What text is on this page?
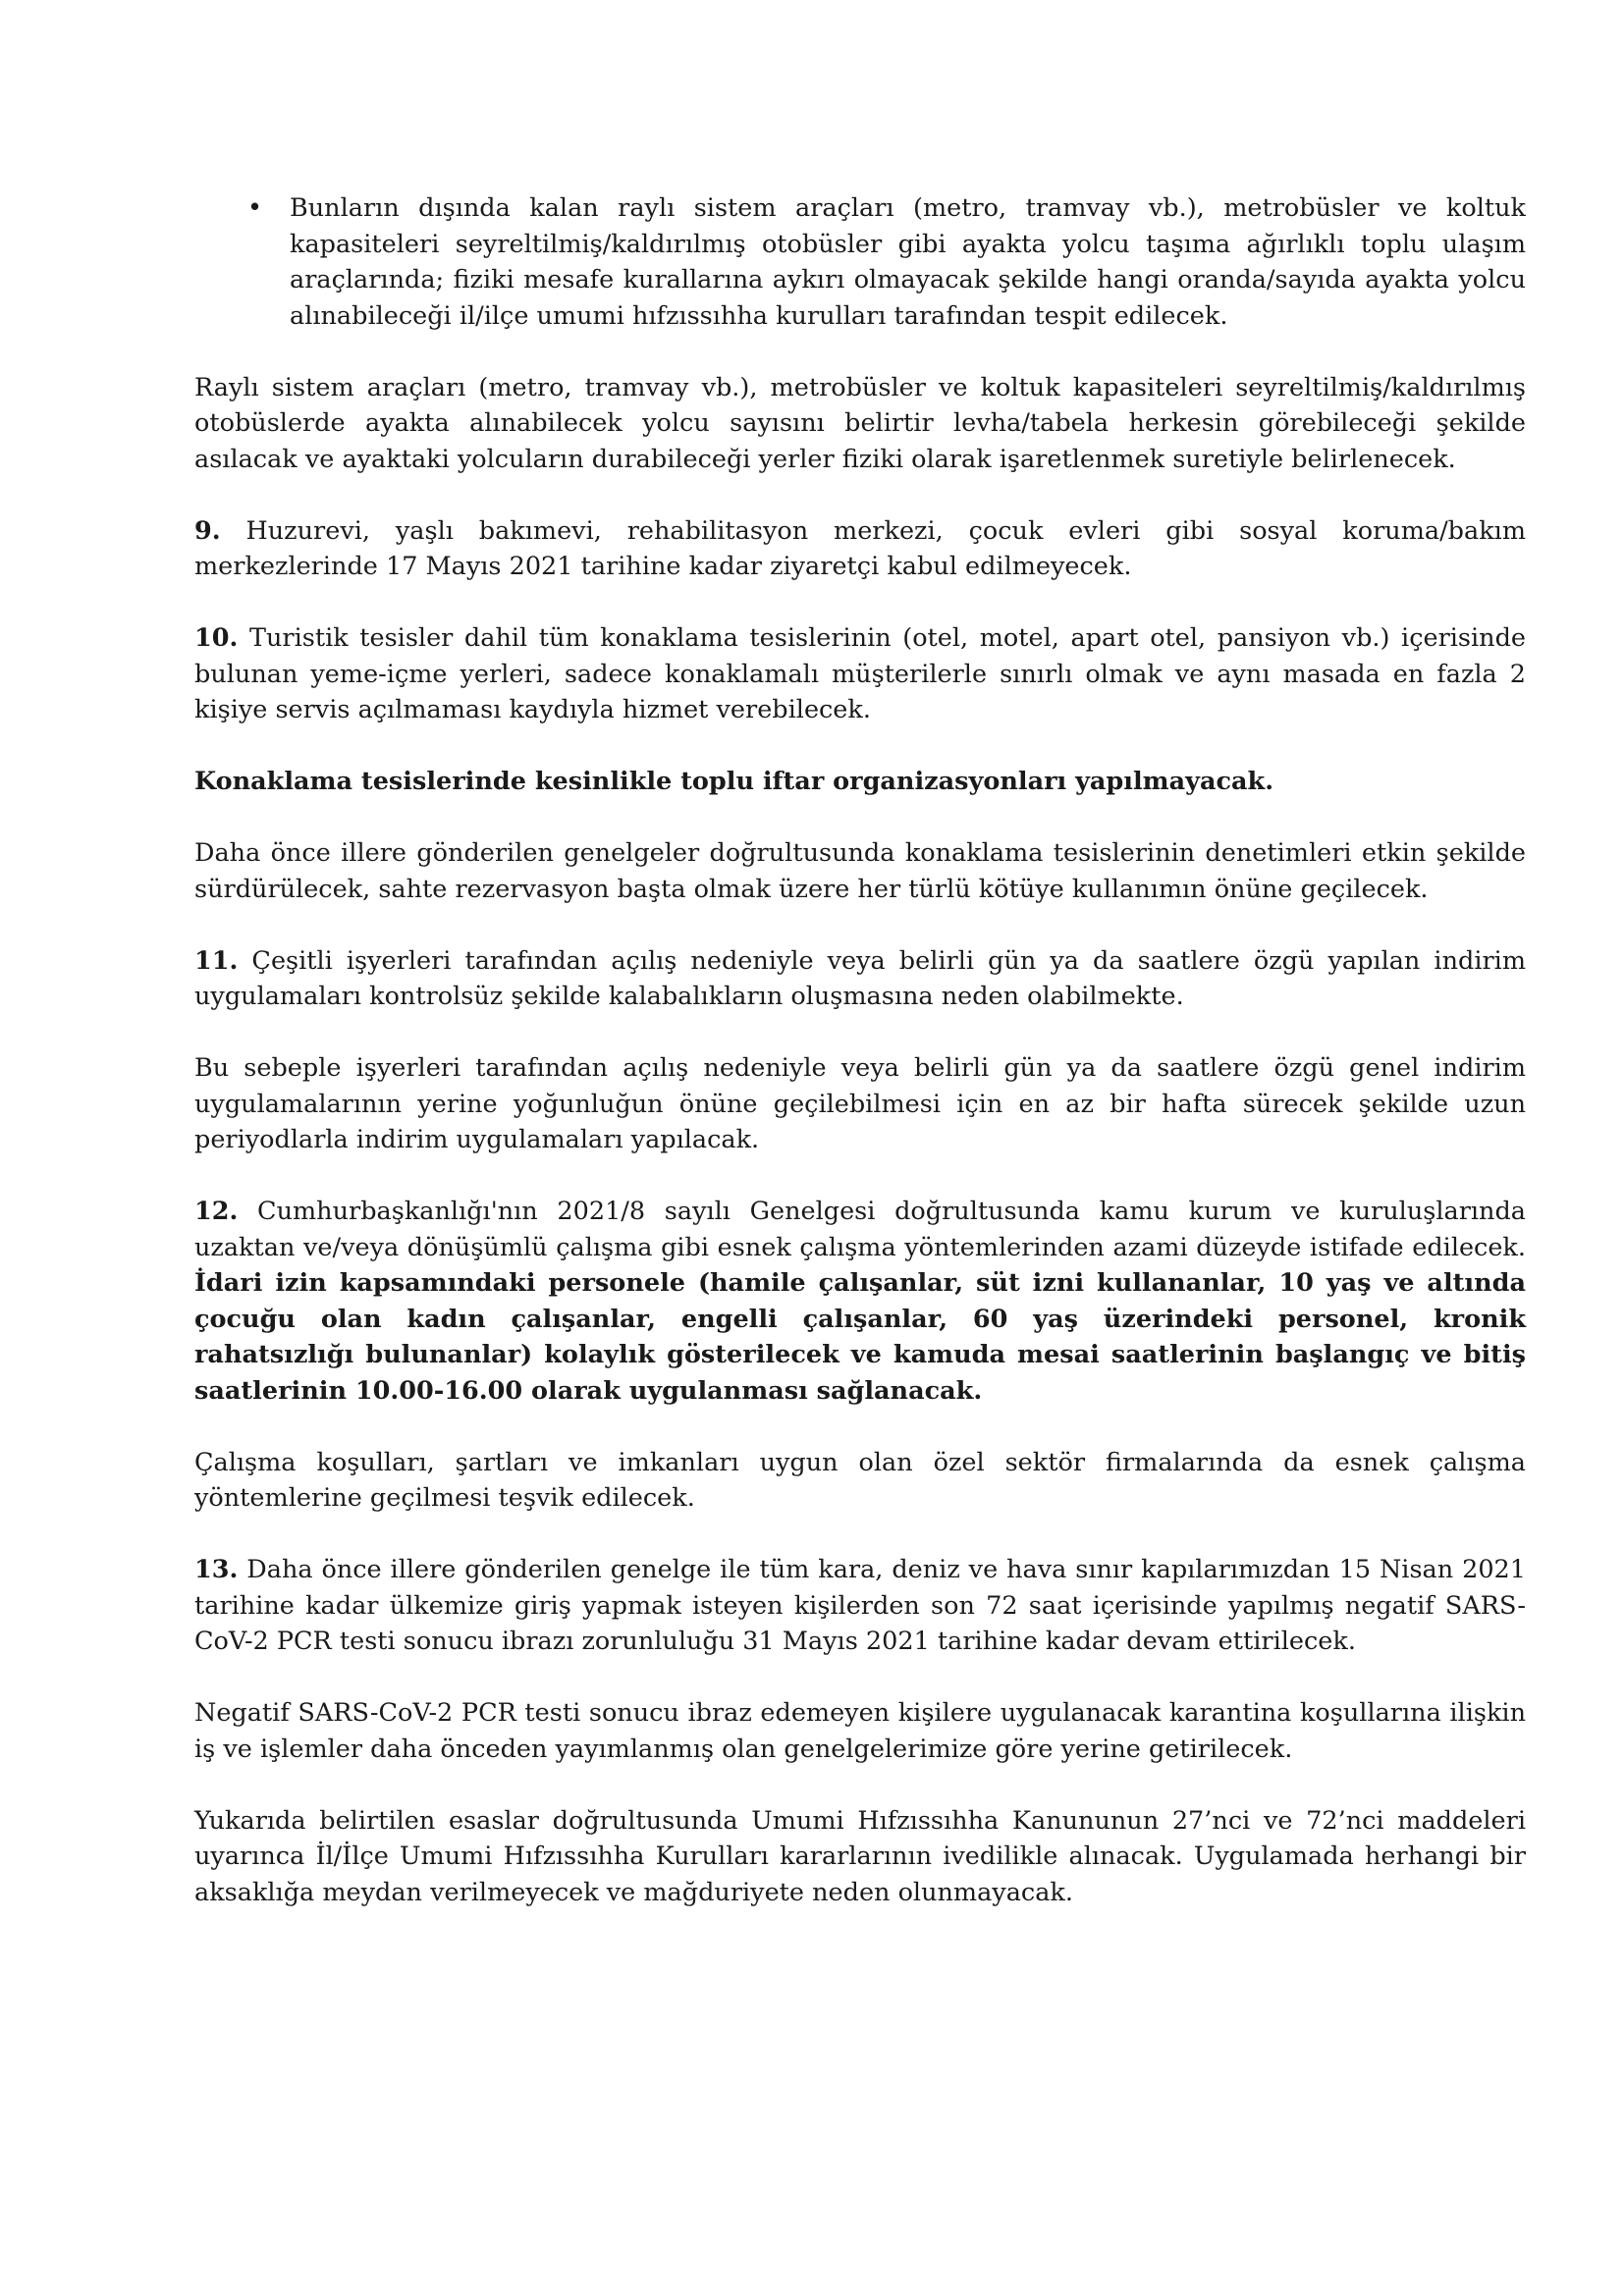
• Bunların dışında kalan raylı sistem araçları (metro, tramvay vb.), metrobüsler ve koltuk kapasiteleri seyreltilmiş/kaldırılmış otobüsler gibi ayakta yolcu taşıma ağırlıklı toplu ulaşım araçlarında; fiziki mesafe kurallarına aykırı olmayacak şekilde hangi oranda/sayıda ayakta yolcu alınabileceği il/ilçe umumi hıfzıssıhha kurulları tarafından tespit edilecek.

Raylı sistem araçları (metro, tramvay vb.), metrobüsler ve koltuk kapasiteleri seyreltilmiş/kaldırılmış otobüslerde ayakta alınabilecek yolcu sayısını belirtir levha/tabela herkesin görebileceği şekilde asılacak ve ayaktaki yolcuların durabileceği yerler fiziki olarak işaretlenmek suretiyle belirlenecek.

9. Huzurevi, yaşlı bakımevi, rehabilitasyon merkezi, çocuk evleri gibi sosyal koruma/bakım merkezlerinde 17 Mayıs 2021 tarihine kadar ziyaretçi kabul edilmeyecek.

10. Turistik tesisler dahil tüm konaklama tesislerinin (otel, motel, apart otel, pansiyon vb.) içerisinde bulunan yeme-içme yerleri, sadece konaklamalı müşterilerle sınırlı olmak ve aynı masada en fazla 2 kişiye servis açılmaması kaydıyla hizmet verebilecek.

Konaklama tesislerinde kesinlikle toplu iftar organizasyonları yapılmayacak.

Daha önce illere gönderilen genelgeler doğrultusunda konaklama tesislerinin denetimleri etkin şekilde sürdürülecek, sahte rezervasyon başta olmak üzere her türlü kötüye kullanımın önüne geçilecek.

11. Çeşitli işyerleri tarafından açılış nedeniyle veya belirli gün ya da saatlere özgü yapılan indirim uygulamaları kontrolsüz şekilde kalabalıkların oluşmasına neden olabilmekte.

Bu sebeple işyerleri tarafından açılış nedeniyle veya belirli gün ya da saatlere özgü genel indirim uygulamalarının yerine yoğunluğun önüne geçilebilmesi için en az bir hafta sürecek şekilde uzun periyodlarla indirim uygulamaları yapılacak.

12. Cumhurbaşkanlığı'nın 2021/8 sayılı Genelgesi doğrultusunda kamu kurum ve kuruluşlarında uzaktan ve/veya dönüşümlü çalışma gibi esnek çalışma yöntemlerinden azami düzeyde istifade edilecek. İdari izin kapsamındaki personele (hamile çalışanlar, süt izni kullananlar, 10 yaş ve altında çocuğu olan kadın çalışanlar, engelli çalışanlar, 60 yaş üzerindeki personel, kronik rahatsızlığı bulunanlar) kolaylık gösterilecek ve kamuda mesai saatlerinin başlangıç ve bitiş saatlerinin 10.00-16.00 olarak uygulanması sağlanacak.

Çalışma koşulları, şartları ve imkanları uygun olan özel sektör firmalarında da esnek çalışma yöntemlerine geçilmesi teşvik edilecek.

13. Daha önce illere gönderilen genelge ile tüm kara, deniz ve hava sınır kapılarımızdan 15 Nisan 2021 tarihine kadar ülkemize giriş yapmak isteyen kişilerden son 72 saat içerisinde yapılmış negatif SARS-CoV-2 PCR testi sonucu ibrazı zorunluluğu 31 Mayıs 2021 tarihine kadar devam ettirilecek.

Negatif SARS-CoV-2 PCR testi sonucu ibraz edemeyen kişilere uygulanacak karantina koşullarına ilişkin iş ve işlemler daha önceden yayımlanmış olan genelgelerimize göre yerine getirilecek.

Yukarıda belirtilen esaslar doğrultusunda Umumi Hıfzıssıhha Kanununun 27’nci ve 72’nci maddeleri uyarınca İl/İlçe Umumi Hıfzıssıhha Kurulları kararlarının ivedilikle alınacak. Uygulamada herhangi bir aksaklığa meydan verilmeyecek ve mağduriyete neden olunmayacak.
